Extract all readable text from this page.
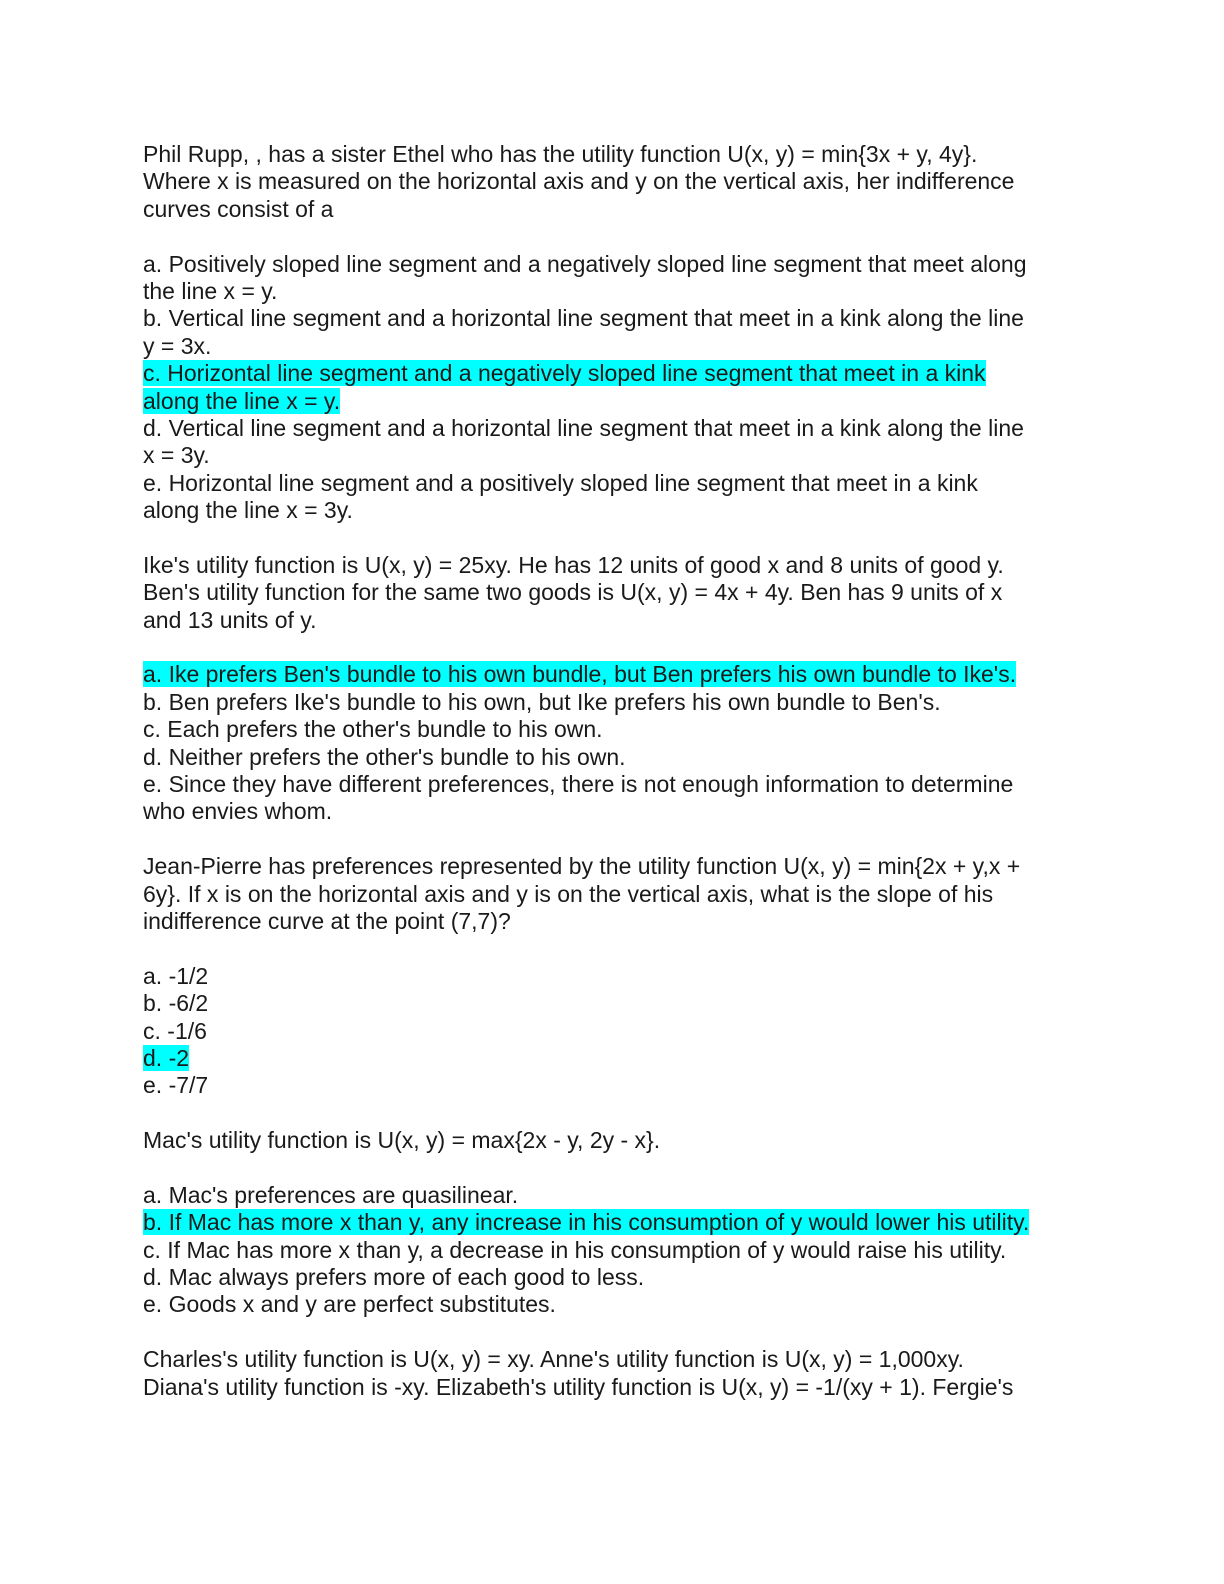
Phil Rupp, , has a sister Ethel who has the utility function U(x, y) = min{3x + y, 4y}.
Where x is measured on the horizontal axis and y on the vertical axis, her indifference
curves consist of a
a. Positively sloped line segment and a negatively sloped line segment that meet along
the line x = y.
b. Vertical line segment and a horizontal line segment that meet in a kink along the line
y = 3x.
c. Horizontal line segment and a negatively sloped line segment that meet in a kink
along the line x = y.
d. Vertical line segment and a horizontal line segment that meet in a kink along the line
x = 3y.
e. Horizontal line segment and a positively sloped line segment that meet in a kink
along the line x = 3y.
Ike's utility function is U(x, y) = 25xy. He has 12 units of good x and 8 units of good y.
Ben's utility function for the same two goods is U(x, y) = 4x + 4y. Ben has 9 units of x
and 13 units of y.
a. Ike prefers Ben's bundle to his own bundle, but Ben prefers his own bundle to Ike's.
b. Ben prefers Ike's bundle to his own, but Ike prefers his own bundle to Ben's.
c. Each prefers the other's bundle to his own.
d. Neither prefers the other's bundle to his own.
e. Since they have different preferences, there is not enough information to determine
who envies whom.
Jean-Pierre has preferences represented by the utility function U(x, y) = min{2x + y,x +
6y}. If x is on the horizontal axis and y is on the vertical axis, what is the slope of his
indifference curve at the point (7,7)?
a. -1/2
b. -6/2
c. -1/6
d. -2
e. -7/7
Mac's utility function is U(x, y) = max{2x - y, 2y - x}.
a. Mac's preferences are quasilinear.
b. If Mac has more x than y, any increase in his consumption of y would lower his utility.
c. If Mac has more x than y, a decrease in his consumption of y would raise his utility.
d. Mac always prefers more of each good to less.
e. Goods x and y are perfect substitutes.
Charles's utility function is U(x, y) = xy. Anne's utility function is U(x, y) = 1,000xy.
Diana's utility function is -xy. Elizabeth's utility function is U(x, y) = -1/(xy + 1). Fergie's
